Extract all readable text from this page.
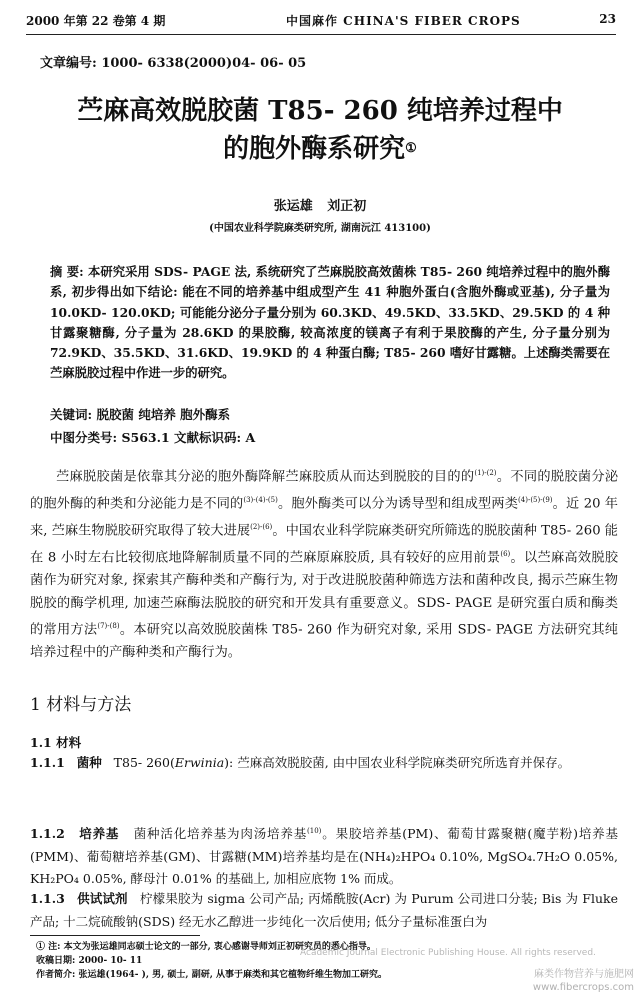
2000 年第 22 卷第 4 期	中国麻作 CHINA'S FIBER CROPS	23
文章编号: 1000- 6338(2000)04- 06- 05
苎麻高效脱胶菌 T85- 260 纯培养过程中
的胞外酶系研究①
张运雄 刘正初
(中国农业科学院麻类研究所, 湖南沅江 413100)
摘 要: 本研究采用 SDS- PAGE 法, 系统研究了苎麻脱胶高效菌株 T85- 260 纯培养过程中的胞外酶系, 初步得出如下结论: 能在不同的培养基中组成型产生 41 种胞外蛋白(含胞外酶或亚基), 分子量为 10.0KD- 120.0KD; 可能能分泌分子量分别为 60.3KD、49.5KD、33.5KD、29.5KD 的 4 种甘露聚糖酶, 分子量为 28.6KD 的果胶酶, 较高浓度的镁离子有利于果胶酶的产生, 分子量分别为 72.9KD、35.5KD、31.6KD、19.9KD 的 4 种蛋白酶; T85- 260 嗜好甘露糖。上述酶类需要在苎麻脱胶过程中作进一步的研究。
关键词: 脱胶菌 纯培养 胞外酶系
中图分类号: S563.1 文献标识码: A
苎麻脱胶菌是依靠其分泌的胞外酶降解苎麻胶质从而达到脱胶的目的的$^{(1)-(2)}$。不同的脱胶菌分泌的胞外酶的种类和分泌能力是不同的$^{(3)-(4)-(5)}$。胞外酶类可以分为诱导型和组成型两类$^{(4)-(5)-(9)}$。近 20 年来, 苎麻生物脱胶研究取得了较大进展$^{(2)-(6)}$。中国农业科学院麻类研究所筛选的脱胶菌种 T85- 260 能在 8 小时左右比较彻底地降解制质量不同的苎麻原麻胶质, 具有较好的应用前景$^{(6)}$。以苎麻高效脱胶菌作为研究对象, 探索其产酶种类和产酶行为, 对于改进脱胶菌种筛选方法和菌种改良, 揭示苎麻生物脱胶的酶学机理, 加速苎麻酶法脱胶的研究和开发具有重要意义。SDS- PAGE 是研究蛋白质和酶类的常用方法$^{(7)-(8)}$。本研究以高效脱胶菌株 T85- 260 作为研究对象, 采用 SDS- PAGE 方法研究其纯培养过程中的产酶种类和产酶行为。
1 材料与方法
1.1 材料
1.1.1 菌种 T85- 260(Erwinia): 苎麻高效脱胶菌, 由中国农业科学院麻类研究所选育并保存。
1.1.2 培养基 菌种活化培养基为肉汤培养基$^{(10)}$。果胶培养基(PM)、葡萄甘露聚糖(魔芋粉)培养基(PMM)、葡萄糖培养基(GM)、甘露糖(MM)培养基均是在(NH₄)₂HPO₄ 0.10%, MgSO₄.7H₂O 0.05%, KH₂PO₄ 0.05%, 酵母汁 0.01% 的基础上, 加相应底物 1% 而成。
1.1.3 供试试剂 柠檬果胶为 sigma 公司产品; 丙烯酰胺(Acr) 为 Purum 公司进口分装; Bis 为 Fluke 产品; 十二烷硫酸钠(SDS) 经无水乙醇进一步纯化一次后使用; 低分子量标准蛋白为
① 注: 本文为张运雄同志硕士论文的一部分, 衷心感谢导师刘正初研究员的悉心指导。
收稿日期: 2000- 10- 11
作者简介: 张运雄(1964- ), 男, 硕士, 副研, 从事于麻类和其它植物纤维生物加工研究。
Academic Journal Electronic Publishing House. All rights reserved.
麻类作物营养与施肥网
www.fibercrops.com
